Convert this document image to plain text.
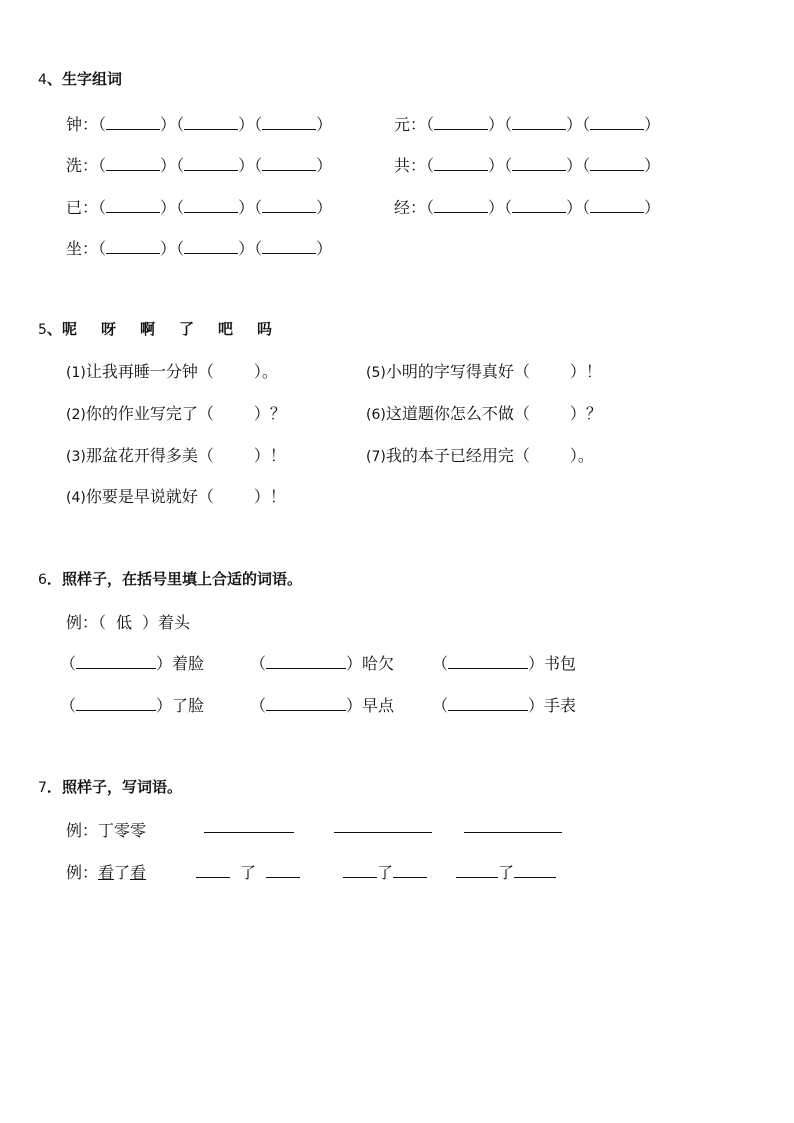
4、生字组词
钟：（	）（	）（	）	元：（	）（	）（	）
洗：（	）（	）（	）	共：（	）（	）（	）
已：（	）（	）（	）	经：（	）（	）（	）
坐：（	）（	）（	）
5、呢 呀 啊 了 吧 吗
(1)让我再睡一分钟（	）。	(5)小明的字写得真好（	）！
(2)你的作业写完了（	）？	(6)这道题你怎么不做（	）？
(3)那盆花开得多美（	）！	(7)我的本子已经用完（	）。
(4)你要是早说就好（	）！
6．照样子，在括号里填上合适的词语。
例：（ 低 ）着头
（	）着脸	（	）哈欠 （	）书包
（	）了脸	（	）早点 （	）手表
7．照样子，写词语。
例：丁零零
例：看了看	了	了	了
